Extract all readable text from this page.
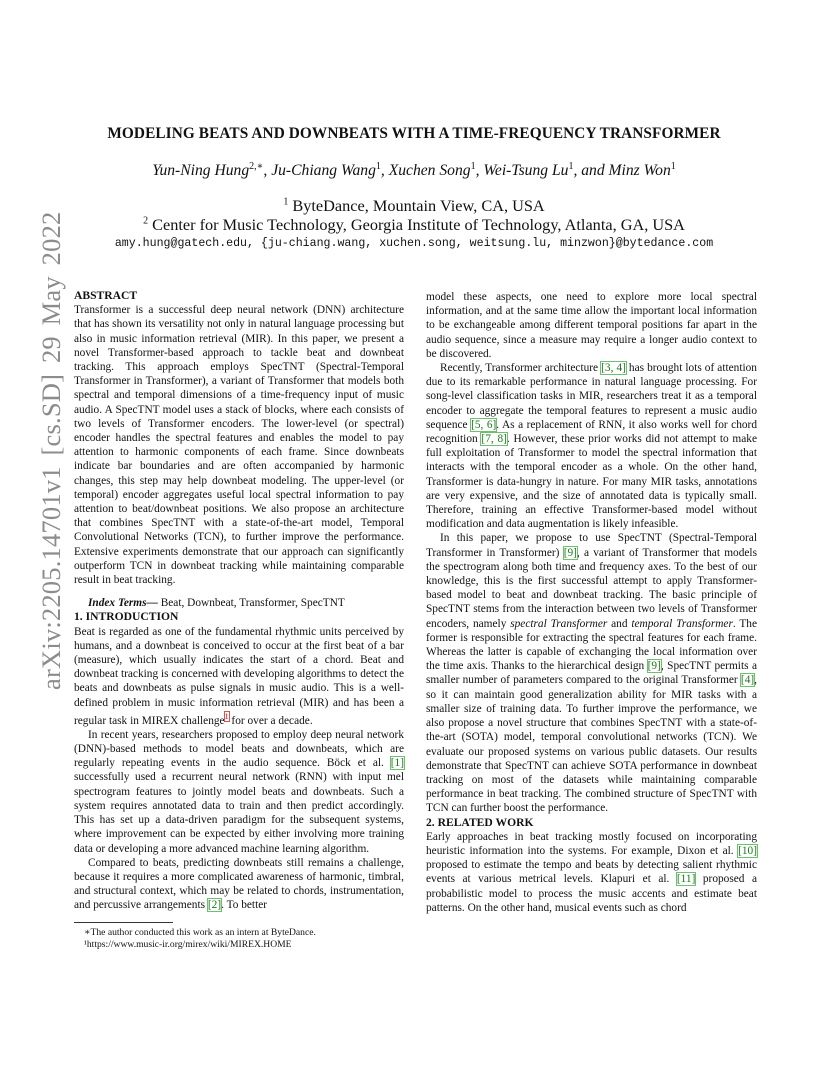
arXiv:2205.14701v1 [cs.SD] 29 May 2022
MODELING BEATS AND DOWNBEATS WITH A TIME-FREQUENCY TRANSFORMER
Yun-Ning Hung$^{2,∗}$, Ju-Chiang Wang$^1$, Xuchen Song$^1$, Wei-Tsung Lu$^1$, and Minz Won$^1$
$^1$ ByteDance, Mountain View, CA, USA
$^2$ Center for Music Technology, Georgia Institute of Technology, Atlanta, GA, USA
amy.hung@gatech.edu, {ju-chiang.wang, xuchen.song, weitsung.lu, minzwon}@bytedance.com

ABSTRACT

Transformer is a successful deep neural network (DNN) architecture that has shown its versatility not only in natural language processing but also in music information retrieval (MIR). In this paper, we present a novel Transformer-based approach to tackle beat and downbeat tracking. This approach employs SpecTNT (Spectral-Temporal Transformer in Transformer), a variant of Transformer that models both spectral and temporal dimensions of a time-frequency input of music audio. A SpecTNT model uses a stack of blocks, where each consists of two levels of Transformer encoders. The lower-level (or spectral) encoder handles the spectral features and enables the model to pay attention to harmonic components of each frame. Since downbeats indicate bar boundaries and are often accompanied by harmonic changes, this step may help downbeat modeling. The upper-level (or temporal) encoder aggregates useful local spectral information to pay attention to beat/downbeat positions. We also propose an architecture that combines SpecTNT with a state-of-the-art model, Temporal Convolutional Networks (TCN), to further improve the performance. Extensive experiments demonstrate that our approach can significantly outperform TCN in downbeat tracking while maintaining comparable result in beat tracking.

Index Terms— Beat, Downbeat, Transformer, SpecTNT

1. INTRODUCTION

Beat is regarded as one of the fundamental rhythmic units perceived by humans, and a downbeat is conceived to occur at the first beat of a bar (measure), which usually indicates the start of a chord. Beat and downbeat tracking is concerned with developing algorithms to detect the beats and downbeats as pulse signals in music audio. This is a well-defined problem in music information retrieval (MIR) and has been a regular task in MIREX challenge$^1$ for over a decade.

In recent years, researchers proposed to employ deep neural network (DNN)-based methods to model beats and downbeats, which are regularly repeating events in the audio sequence. Böck et al. [1] successfully used a recurrent neural network (RNN) with input mel spectrogram features to jointly model beats and downbeats. Such a system requires annotated data to train and then predict accordingly. This has set up a data-driven paradigm for the subsequent systems, where improvement can be expected by either involving more training data or developing a more advanced machine learning algorithm.

Compared to beats, predicting downbeats still remains a challenge, because it requires a more complicated awareness of harmonic, timbral, and structural context, which may be related to chords, instrumentation, and percussive arrangements [2]. To better

∗The author conducted this work as an intern at ByteDance.

¹https://www.music-ir.org/mirex/wiki/MIREX.HOME

model these aspects, one need to explore more local spectral information, and at the same time allow the important local information to be exchangeable among different temporal positions far apart in the audio sequence, since a measure may require a longer audio context to be discovered.

Recently, Transformer architecture [3, 4] has brought lots of attention due to its remarkable performance in natural language processing. For song-level classification tasks in MIR, researchers treat it as a temporal encoder to aggregate the temporal features to represent a music audio sequence [5, 6]. As a replacement of RNN, it also works well for chord recognition [7, 8]. However, these prior works did not attempt to make full exploitation of Transformer to model the spectral information that interacts with the temporal encoder as a whole. On the other hand, Transformer is data-hungry in nature. For many MIR tasks, annotations are very expensive, and the size of annotated data is typically small. Therefore, training an effective Transformer-based model without modification and data augmentation is likely infeasible.

In this paper, we propose to use SpecTNT (Spectral-Temporal Transformer in Transformer) [9], a variant of Transformer that models the spectrogram along both time and frequency axes. To the best of our knowledge, this is the first successful attempt to apply Transformer-based model to beat and downbeat tracking. The basic principle of SpecTNT stems from the interaction between two levels of Transformer encoders, namely spectral Transformer and temporal Transformer. The former is responsible for extracting the spectral features for each frame. Whereas the latter is capable of exchanging the local information over the time axis. Thanks to the hierarchical design [9], SpecTNT permits a smaller number of parameters compared to the original Transformer [4], so it can maintain good generalization ability for MIR tasks with a smaller size of training data. To further improve the performance, we also propose a novel structure that combines SpecTNT with a state-of-the-art (SOTA) model, temporal convolutional networks (TCN). We evaluate our proposed systems on various public datasets. Our results demonstrate that SpecTNT can achieve SOTA performance in downbeat tracking on most of the datasets while maintaining comparable performance in beat tracking. The combined structure of SpecTNT with TCN can further boost the performance.

2. RELATED WORK

Early approaches in beat tracking mostly focused on incorporating heuristic information into the systems. For example, Dixon et al. [10] proposed to estimate the tempo and beats by detecting salient rhythmic events at various metrical levels. Klapuri et al. [11] proposed a probabilistic model to process the music accents and estimate beat patterns. On the other hand, musical events such as chord
